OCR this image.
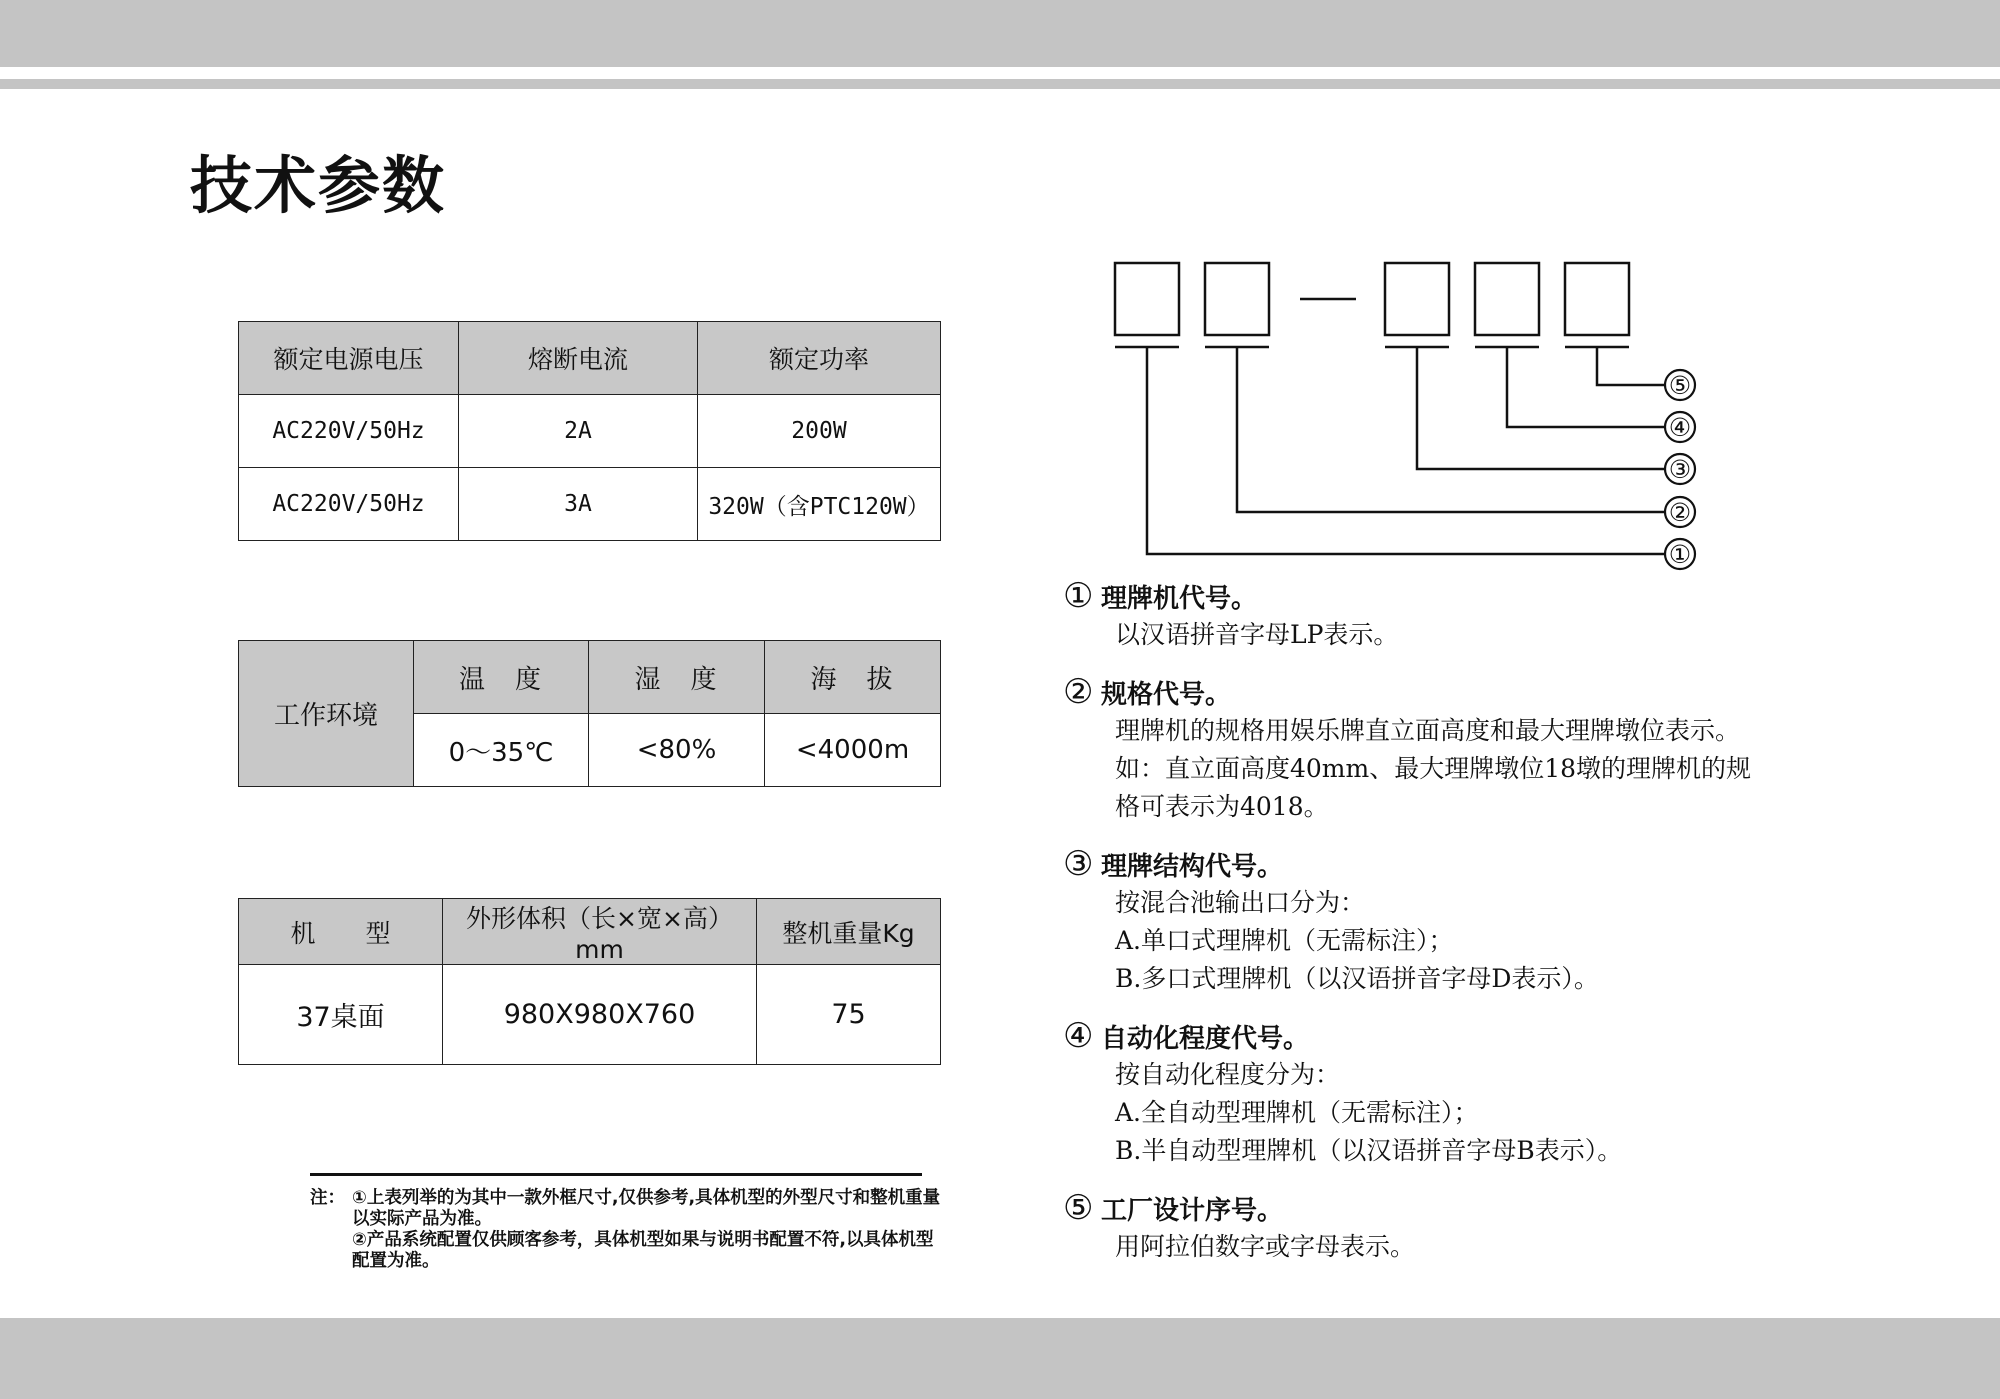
技术参数
额定电源电压	熔断电流	额定功率
AC220V/50Hz	2A	200W
AC220V/50Hz	3A	320W（含PTC120W）
工作环境	温　度	湿　度	海　拔
	0～35℃	<80%	<4000m
机　　型	外形体积（长×宽×高）mm	整机重量Kg
37桌面	980X980X760	75
注： ①上表列举的为其中一款外框尺寸,仅供参考,具体机型的外型尺寸和整机重量以实际产品为准。
②产品系统配置仅供顾客参考，具体机型如果与说明书配置不符,以具体机型配置为准。
⑤
④
③
②
①
① 理牌机代号。
以汉语拼音字母LP表示。
② 规格代号。
理牌机的规格用娱乐牌直立面高度和最大理牌墩位表示。
如：直立面高度40mm、最大理牌墩位18墩的理牌机的规
格可表示为4018。
③ 理牌结构代号。
按混合池输出口分为：
A.单口式理牌机（无需标注）；
B.多口式理牌机（以汉语拼音字母D表示）。
④ 自动化程度代号。
按自动化程度分为：
A.全自动型理牌机（无需标注）；
B.半自动型理牌机（以汉语拼音字母B表示）。
⑤ 工厂设计序号。
用阿拉伯数字或字母表示。
